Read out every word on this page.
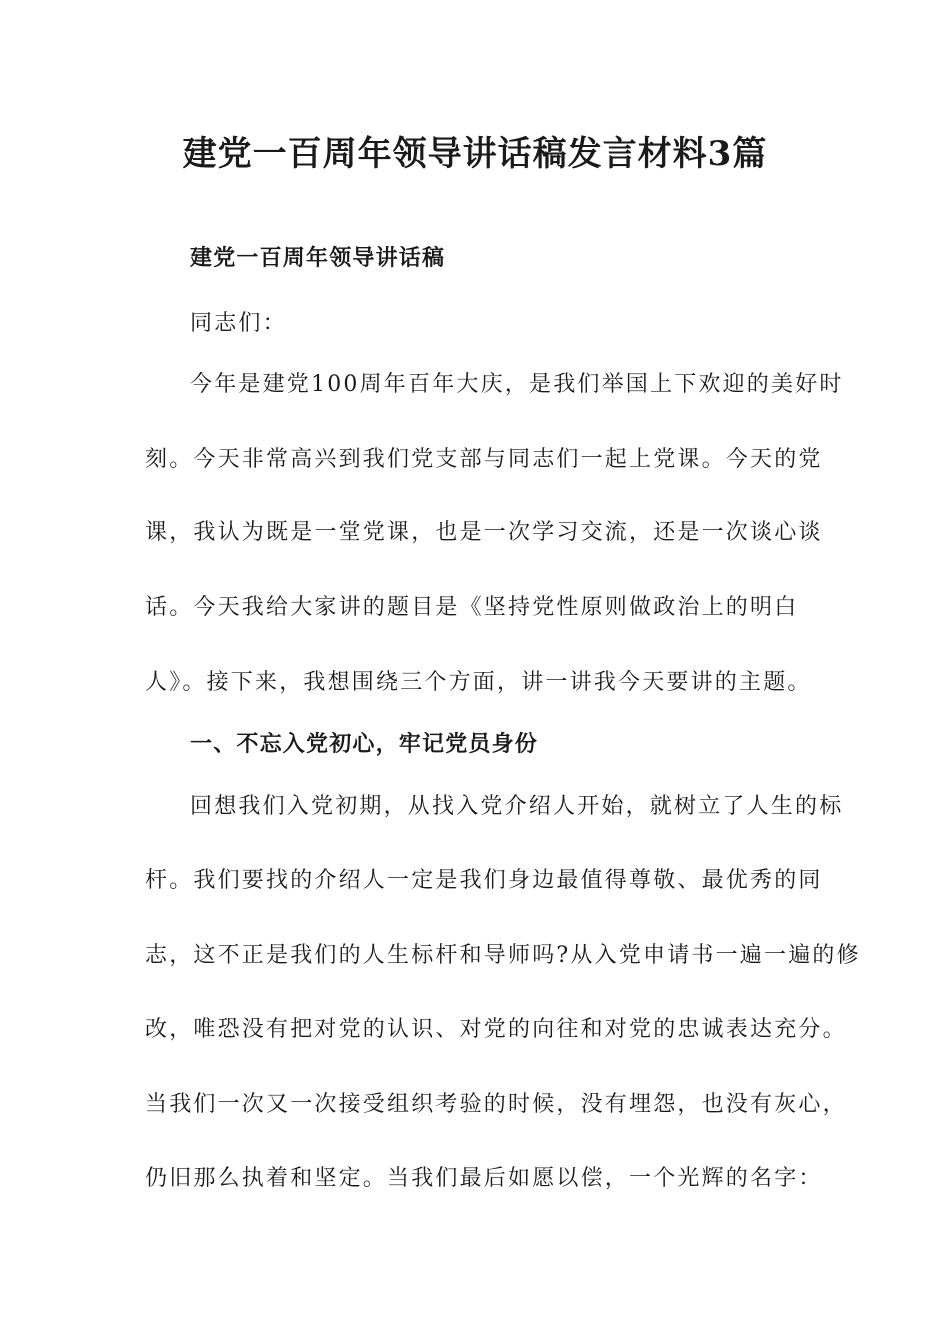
建党一百周年领导讲话稿发言材料3篇

建党一百周年领导讲话稿

同志们：

今年是建党100周年百年大庆，是我们举国上下欢迎的美好时

刻。今天非常高兴到我们党支部与同志们一起上党课。今天的党

课，我认为既是一堂党课，也是一次学习交流，还是一次谈心谈

话。今天我给大家讲的题目是《坚持党性原则做政治上的明白

人》。接下来，我想围绕三个方面，讲一讲我今天要讲的主题。

一、不忘入党初心，牢记党员身份

回想我们入党初期，从找入党介绍人开始，就树立了人生的标

杆。我们要找的介绍人一定是我们身边最值得尊敬、最优秀的同

志，这不正是我们的人生标杆和导师吗?从入党申请书一遍一遍的修

改，唯恐没有把对党的认识、对党的向往和对党的忠诚表达充分。

当我们一次又一次接受组织考验的时候，没有埋怨，也没有灰心，

仍旧那么执着和坚定。当我们最后如愿以偿，一个光辉的名字：
